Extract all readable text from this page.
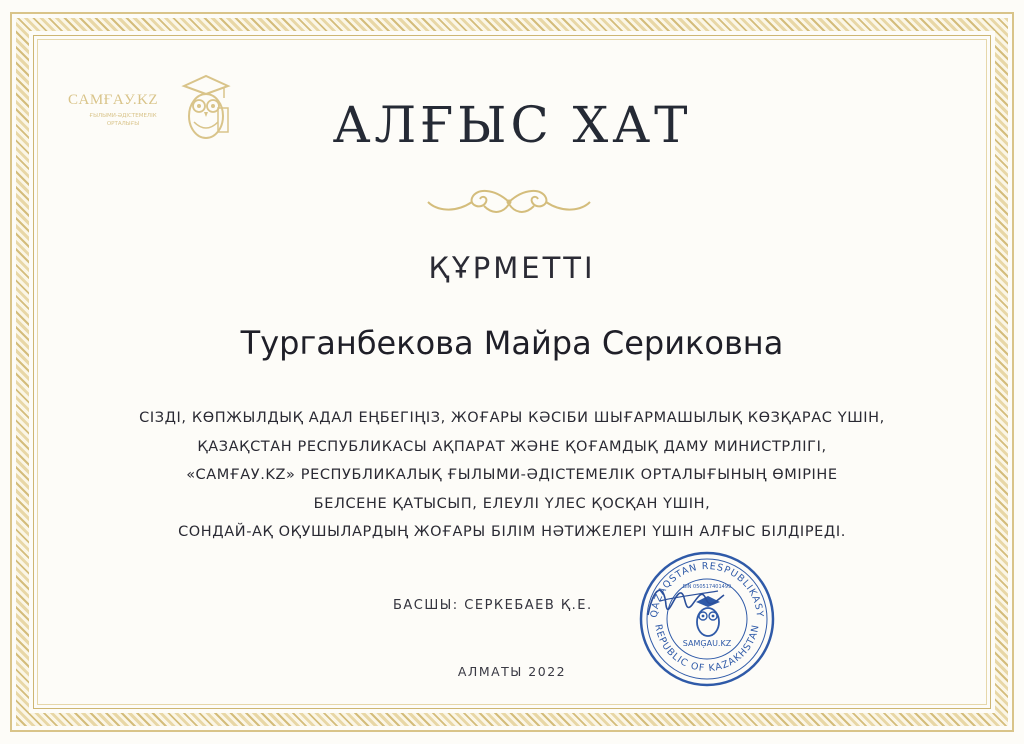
CAMҒAУ.KZ
ҒЫЛЫМИ-ӘДІСТЕМЕЛІК
ОРТАЛЫҒЫ	АЛҒЫС ХАТ
ҚҰРМЕТТІ
Турганбекова Майра Сериковна
СІЗДІ, КӨПЖЫЛДЫҚ АДАЛ ЕҢБЕГІҢІЗ, ЖОҒАРЫ КӘСІБИ ШЫҒАРМАШЫЛЫҚ КӨЗҚАРАС ҮШІН,
ҚАЗАҚСТАН РЕСПУБЛИКАСЫ АҚПАРАТ ЖӘНЕ ҚОҒАМДЫҚ ДАМУ МИНИСТРЛІГІ,
«CAMҒAУ.KZ» РЕСПУБЛИКАЛЫҚ ҒЫЛЫМИ-ӘДІСТЕМЕЛІК ОРТАЛЫҒЫНЫҢ ӨМІРІНЕ
БЕЛСЕНЕ ҚАТЫСЫП, ЕЛЕУЛІ ҮЛЕС ҚОСҚАН ҮШІН,
СОНДАЙ-АҚ ОҚУШЫЛАРДЫҢ ЖОҒАРЫ БІЛІМ НӘТИЖЕЛЕРІ ҮШІН АЛҒЫС БІЛДІРЕДІ.
БАСШЫ: СЕРКЕБАЕВ Қ.Е.
QAZAQSTAN RESPUBLIKASY
REPUBLIC OF KAZAKHSTAN
BIN 050517401499
SAMĢAU.KZ
АЛМАТЫ 2022
